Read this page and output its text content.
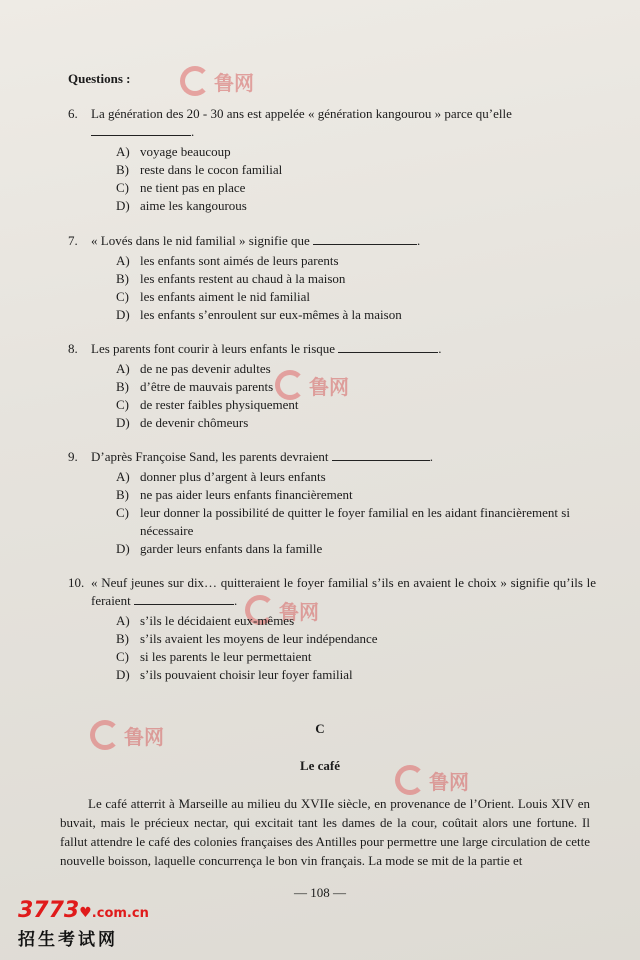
鲁网
鲁网
鲁网
鲁网
鲁网
Questions :
6.	La génération des 20 - 30 ans est appelée « génération kangourou » parce qu’elle
.
A) voyage beaucoup
B) reste dans le cocon familial
C) ne tient pas en place
D) aime les kangourous
7.	« Lovés dans le nid familial » signifie que	.
A) les enfants sont aimés de leurs parents
B) les enfants restent au chaud à la maison
C) les enfants aiment le nid familial
D) les enfants s’enroulent sur eux-mêmes à la maison
8.	Les parents font courir à leurs enfants le risque	.
A) de ne pas devenir adultes
B) d’être de mauvais parents
C) de rester faibles physiquement
D) de devenir chômeurs
9.	D’après Françoise Sand, les parents devraient	.
A) donner plus d’argent à leurs enfants
B) ne pas aider leurs enfants financièrement
C) leur donner la possibilité de quitter le foyer familial en les aidant financièrement si nécessaire
D) garder leurs enfants dans la famille
10. « Neuf jeunes sur dix… quitteraient le foyer familial s’ils en avaient le choix » signifie qu’ils le feraient	.
A) s’ils le décidaient eux-mêmes
B) s’ils avaient les moyens de leur indépendance
C) si les parents le leur permettaient
D) s’ils pouvaient choisir leur foyer familial
C
Le café
Le café atterrit à Marseille au milieu du XVIIe siècle, en provenance de l’Orient. Louis XIV en buvait, mais le précieux nectar, qui excitait tant les dames de la cour, coûtait alors une fortune. Il fallut attendre le café des colonies françaises des Antilles pour permettre une large circulation de cette nouvelle boisson, laquelle concurrença le bon vin français. La mode se mit de la partie et
— 108 —
3773♥.com.cn
招生考试网
